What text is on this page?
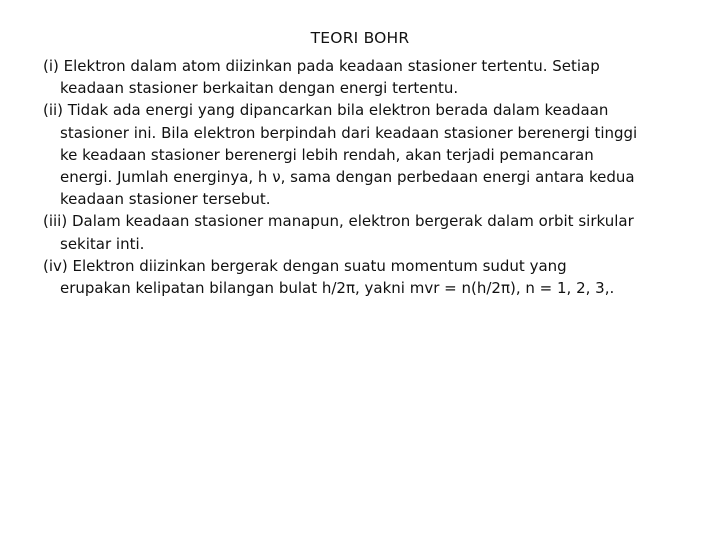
TEORI BOHR
(i) Elektron dalam atom diizinkan pada keadaan stasioner tertentu. Setiap
keadaan stasioner berkaitan dengan energi tertentu.
(ii) Tidak ada energi yang dipancarkan bila elektron berada dalam keadaan
stasioner ini. Bila elektron berpindah dari keadaan stasioner berenergi tinggi
ke keadaan stasioner berenergi lebih rendah, akan terjadi pemancaran
energi. Jumlah energinya, h ν, sama dengan perbedaan energi antara kedua
keadaan stasioner tersebut.
(iii) Dalam keadaan stasioner manapun, elektron bergerak dalam orbit sirkular
sekitar inti.
(iv) Elektron diizinkan bergerak dengan suatu momentum sudut yang
erupakan kelipatan bilangan bulat h/2π, yakni mvr = n(h/2π), n = 1, 2, 3,.
